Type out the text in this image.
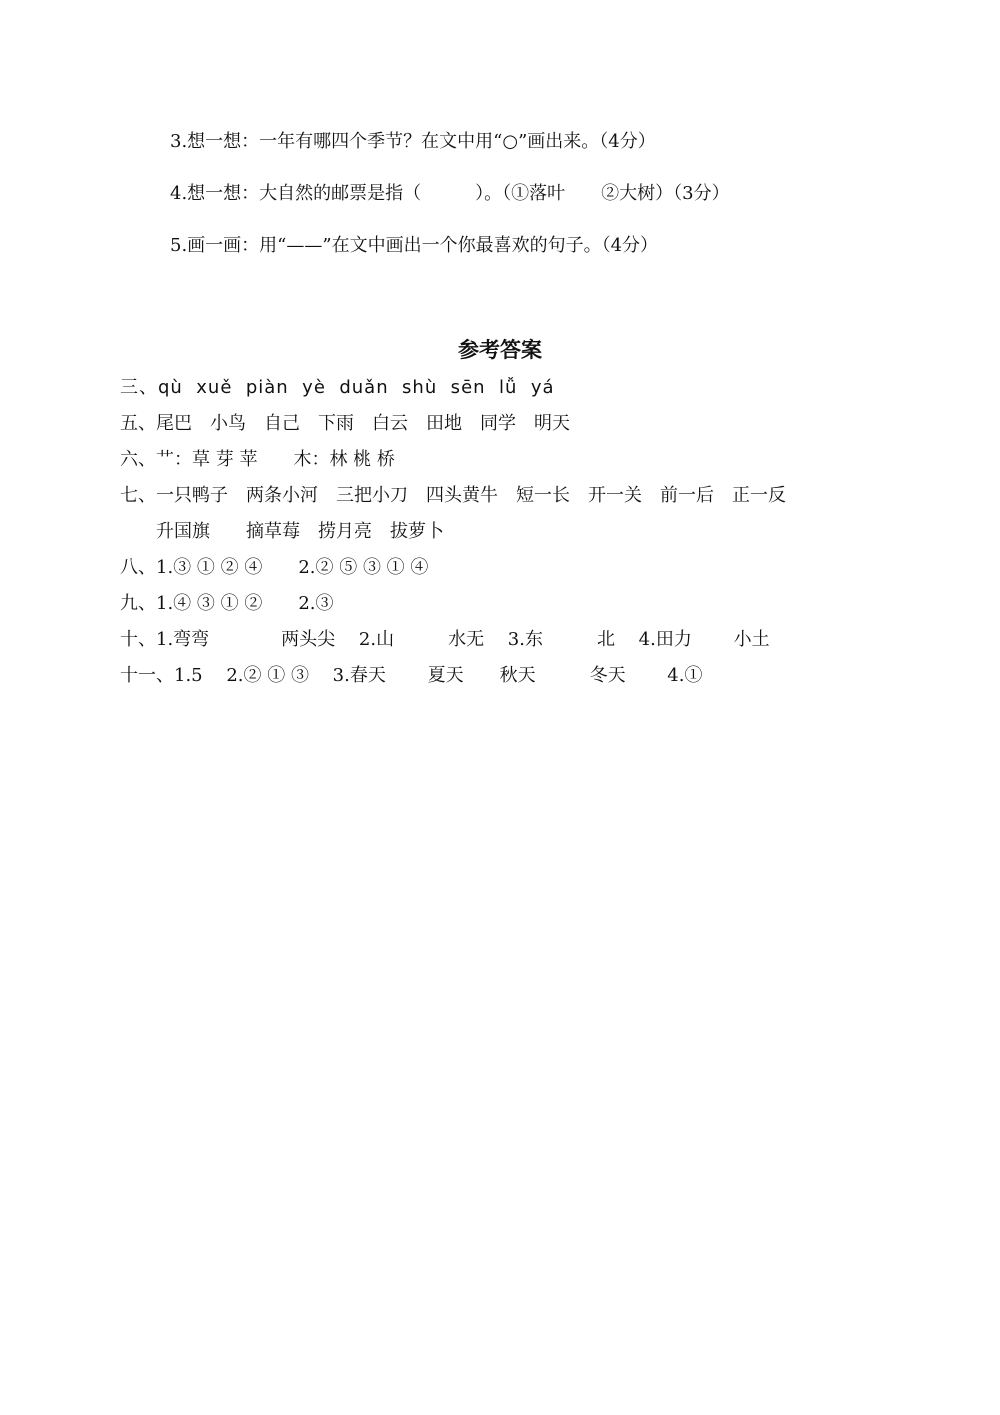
3.想一想：一年有哪四个季节？在文中用“○”画出来。（4分）
4.想一想：大自然的邮票是指（　　　）。（①落叶　　②大树）（3分）
5.画一画：用“——”在文中画出一个你最喜欢的句子。（4分）
参考答案
三、qù  xuě  piàn  yè  duǎn  shù  sēn  lǚ  yá
五、尾巴　小鸟　自己　下雨　白云　田地　同学　明天
六、艹：草 芽 苹　　木：林 桃 桥
七、一只鸭子　两条小河　三把小刀　四头黄牛　短一长　开一关　前一后　正一反
　　升国旗　　摘草莓　捞月亮　拔萝卜
八、1.③ ① ② ④　　2.② ⑤ ③ ① ④
九、1.④ ③ ① ②　　2.③
十、1.弯弯　　　　两头尖　 2.山　　　水无　 3.东　　　北　 4.田力　　 小土
十一、1.5　 2.② ① ③　 3.春天　　 夏天　　秋天　　　冬天　　 4.①
